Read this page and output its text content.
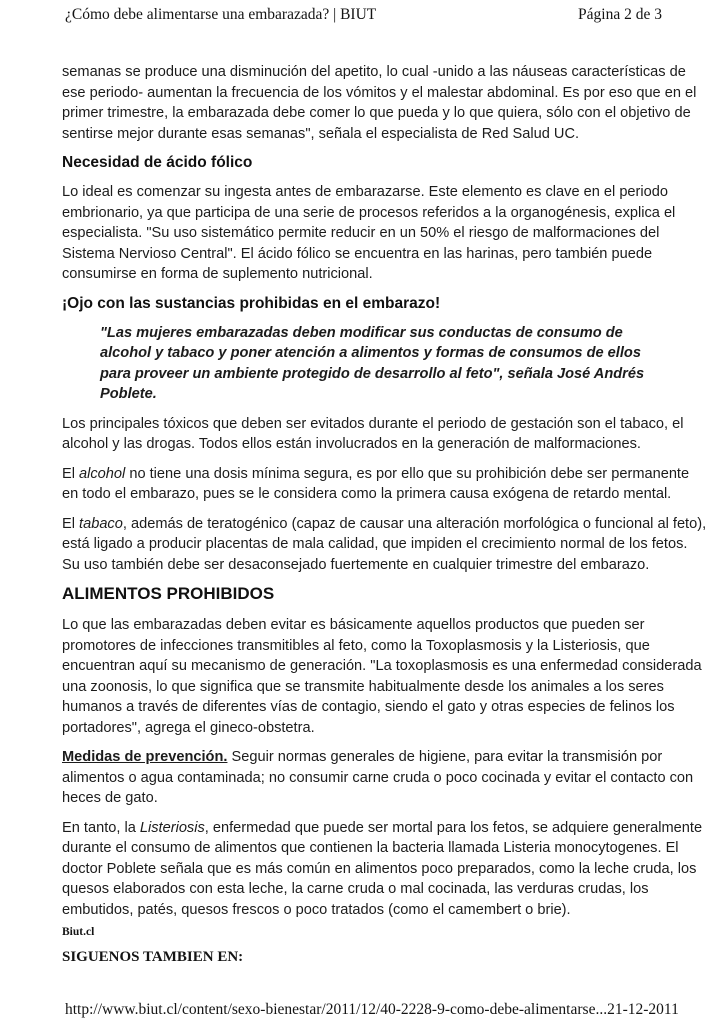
¿Cómo debe alimentarse una embarazada? | BIUT	Página 2 de 3
semanas se produce una disminución del apetito, lo cual -unido a las náuseas características de
ese periodo- aumentan la frecuencia de los vómitos y el malestar abdominal. Es por eso que en el
primer trimestre, la embarazada debe comer lo que pueda y lo que quiera, sólo con el objetivo de
sentirse mejor durante esas semanas", señala el especialista de Red Salud UC.
Necesidad de ácido fólico
Lo ideal es comenzar su ingesta antes de embarazarse. Este elemento es clave en el periodo
embrionario, ya que participa de una serie de procesos referidos a la organogénesis, explica el
especialista. "Su uso sistemático permite reducir en un 50% el riesgo de malformaciones del
Sistema Nervioso Central". El ácido fólico se encuentra en las harinas, pero también puede
consumirse en forma de suplemento nutricional.
¡Ojo con las sustancias prohibidas en el embarazo!
"Las mujeres embarazadas deben modificar sus conductas de consumo de
alcohol y tabaco y poner atención a alimentos y formas de consumos de ellos
para proveer un ambiente protegido de desarrollo al feto", señala José Andrés
Poblete.
Los principales tóxicos que deben ser evitados durante el periodo de gestación son el tabaco, el
alcohol y las drogas. Todos ellos están involucrados en la generación de malformaciones.
El alcohol no tiene una dosis mínima segura, es por ello que su prohibición debe ser permanente
en todo el embarazo, pues se le considera como la primera causa exógena de retardo mental.
El tabaco, además de teratogénico (capaz de causar una alteración morfológica o funcional al feto),
está ligado a producir placentas de mala calidad, que impiden el crecimiento normal de los fetos.
Su uso también debe ser desaconsejado fuertemente en cualquier trimestre del embarazo.
ALIMENTOS PROHIBIDOS
Lo que las embarazadas deben evitar es básicamente aquellos productos que pueden ser
promotores de infecciones transmitibles al feto, como la Toxoplasmosis y la Listeriosis, que
encuentran aquí su mecanismo de generación. "La toxoplasmosis es una enfermedad considerada
una zoonosis, lo que significa que se transmite habitualmente desde los animales a los seres
humanos a través de diferentes vías de contagio, siendo el gato y otras especies de felinos los
portadores", agrega el gineco-obstetra.
Medidas de prevención. Seguir normas generales de higiene, para evitar la transmisión por
alimentos o agua contaminada; no consumir carne cruda o poco cocinada y evitar el contacto con
heces de gato.
En tanto, la Listeriosis, enfermedad que puede ser mortal para los fetos, se adquiere generalmente
durante el consumo de alimentos que contienen la bacteria llamada Listeria monocytogenes. El
doctor Poblete señala que es más común en alimentos poco preparados, como la leche cruda, los
quesos elaborados con esta leche, la carne cruda o mal cocinada, las verduras crudas, los
embutidos, patés, quesos frescos o poco tratados (como el camembert o brie).
Biut.cl
SIGUENOS TAMBIEN EN:
http://www.biut.cl/content/sexo-bienestar/2011/12/40-2228-9-como-debe-alimentarse... 21-12-2011
